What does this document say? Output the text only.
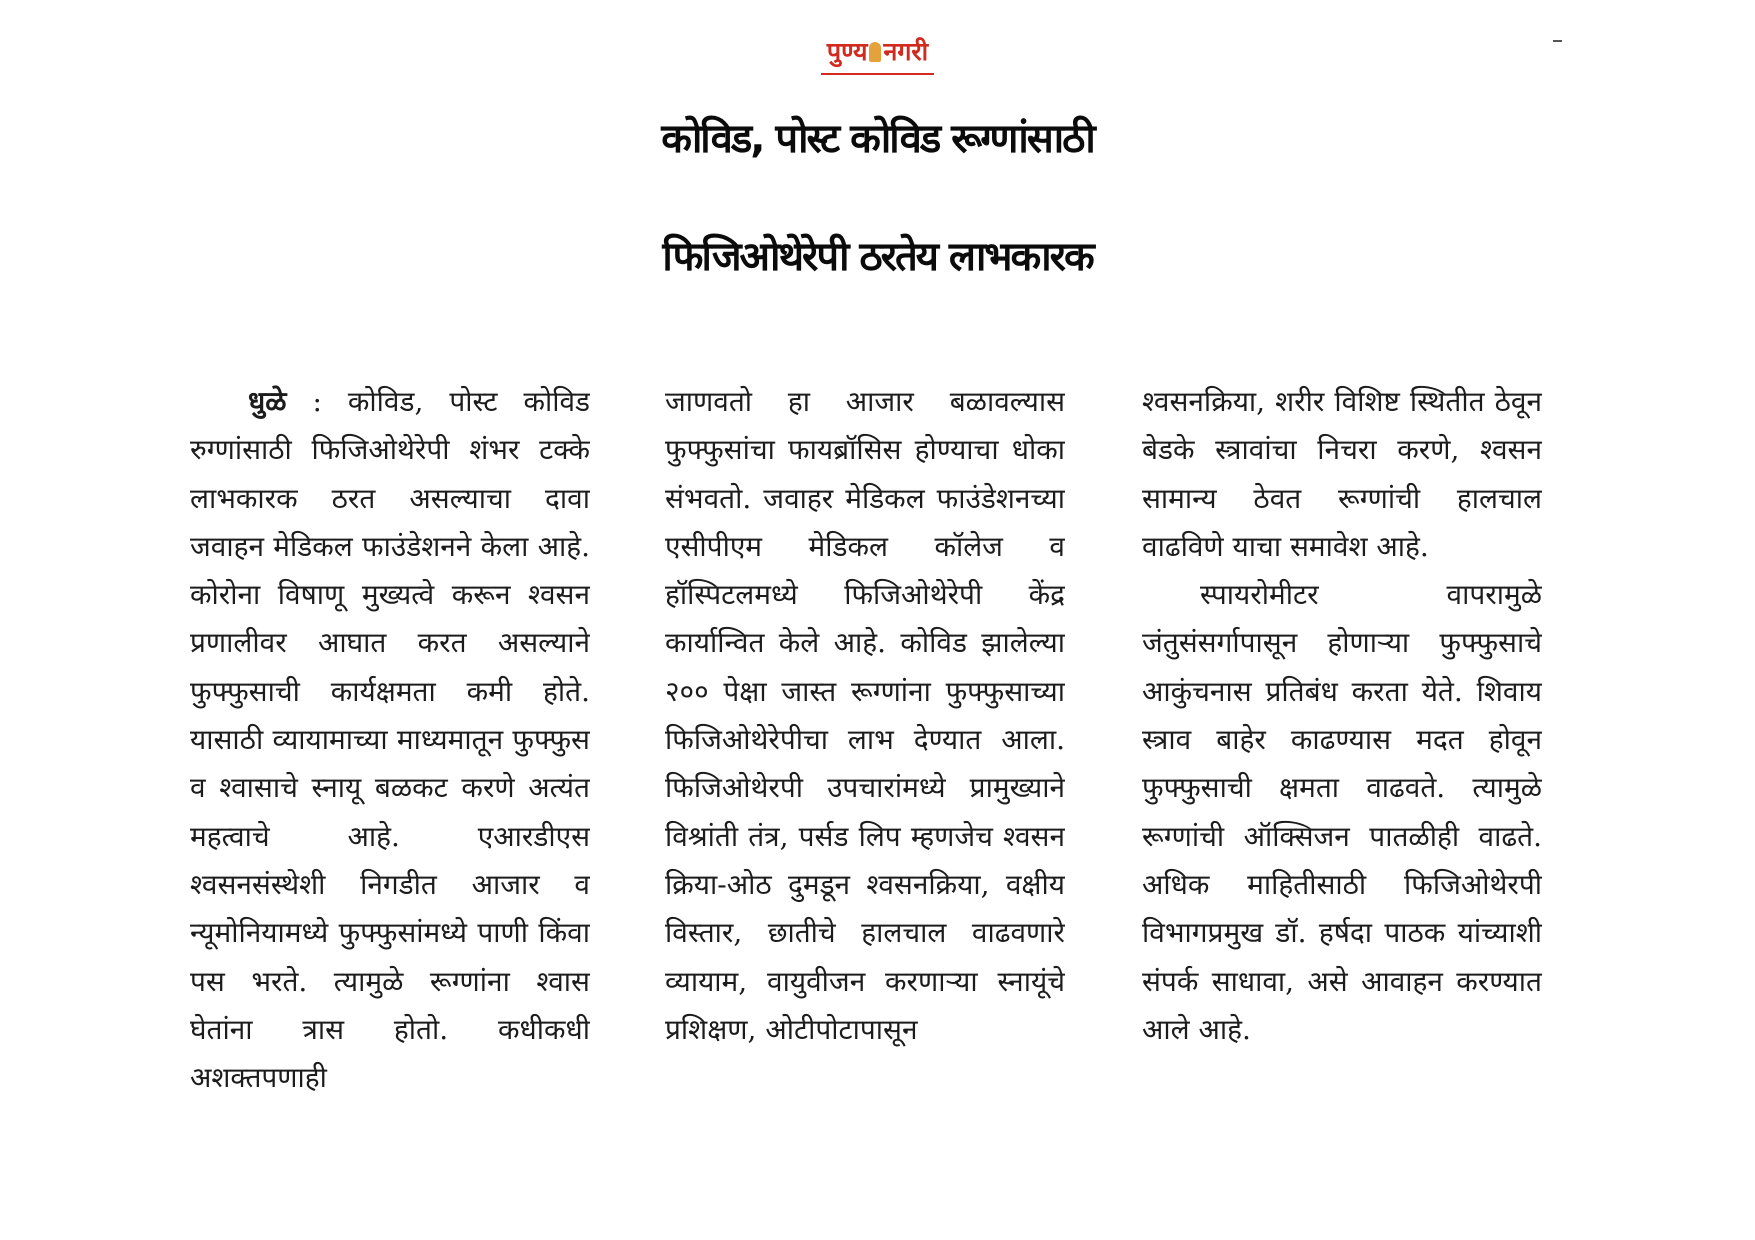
पुण्य नगरी
कोविड, पोस्ट कोविड रूग्णांसाठी
फिजिओथेरेपी ठरतेय लाभकारक

धुळे : कोविड, पोस्ट कोविड रुग्णांसाठी फिजिओथेरेपी शंभर टक्के लाभकारक ठरत असल्याचा दावा जवाहन मेडिकल फाउंडेशनने केला आहे. कोरोना विषाणू मुख्यत्वे करून श्वसन प्रणालीवर आघात करत असल्याने फुफ्फुसाची कार्यक्षमता कमी होते. यासाठी व्यायामाच्या माध्यमातून फुफ्फुस व श्वासाचे स्नायू बळकट करणे अत्यंत महत्वाचे आहे. एआरडीएस श्वसनसंस्थेशी निगडीत आजार व न्यूमोनियामध्ये फुफ्फुसांमध्ये पाणी किंवा पस भरते. त्यामुळे रूग्णांना श्वास घेतांना त्रास होतो. कधीकधी अशक्तपणाही

जाणवतो हा आजार बळावल्यास फुफ्फुसांचा फायब्रॉसिस होण्याचा धोका संभवतो. जवाहर मेडिकल फाउंडेशनच्या एसीपीएम मेडिकल कॉलेज व हॉस्पिटलमध्ये फिजिओथेरेपी केंद्र कार्यान्वित केले आहे. कोविड झालेल्या २०० पेक्षा जास्त रूग्णांना फुफ्फुसाच्या फिजिओथेरेपीचा लाभ देण्यात आला. फिजिओथेरपी उपचारांमध्ये प्रामुख्याने विश्रांती तंत्र, पर्सड लिप म्हणजेच श्वसन क्रिया-ओठ दुमडून श्वसनक्रिया, वक्षीय विस्तार, छातीचे हालचाल वाढवणारे व्यायाम, वायुवीजन करणाऱ्या स्नायूंचे प्रशिक्षण, ओटीपोटापासून

श्वसनक्रिया, शरीर विशिष्ट स्थितीत ठेवून बेडके स्त्रावांचा निचरा करणे, श्वसन सामान्य ठेवत रूग्णांची हालचाल वाढविणे याचा समावेश आहे.

स्पायरोमीटर वापरामुळे जंतुसंसर्गापासून होणाऱ्या फुफ्फुसाचे आकुंचनास प्रतिबंध करता येते. शिवाय स्त्राव बाहेर काढण्यास मदत होवून फुफ्फुसाची क्षमता वाढवते. त्यामुळे रूग्णांची ऑक्सिजन पातळीही वाढते. अधिक माहितीसाठी फिजिओथेरपी विभागप्रमुख डॉ. हर्षदा पाठक यांच्याशी संपर्क साधावा, असे आवाहन करण्यात आले आहे.
